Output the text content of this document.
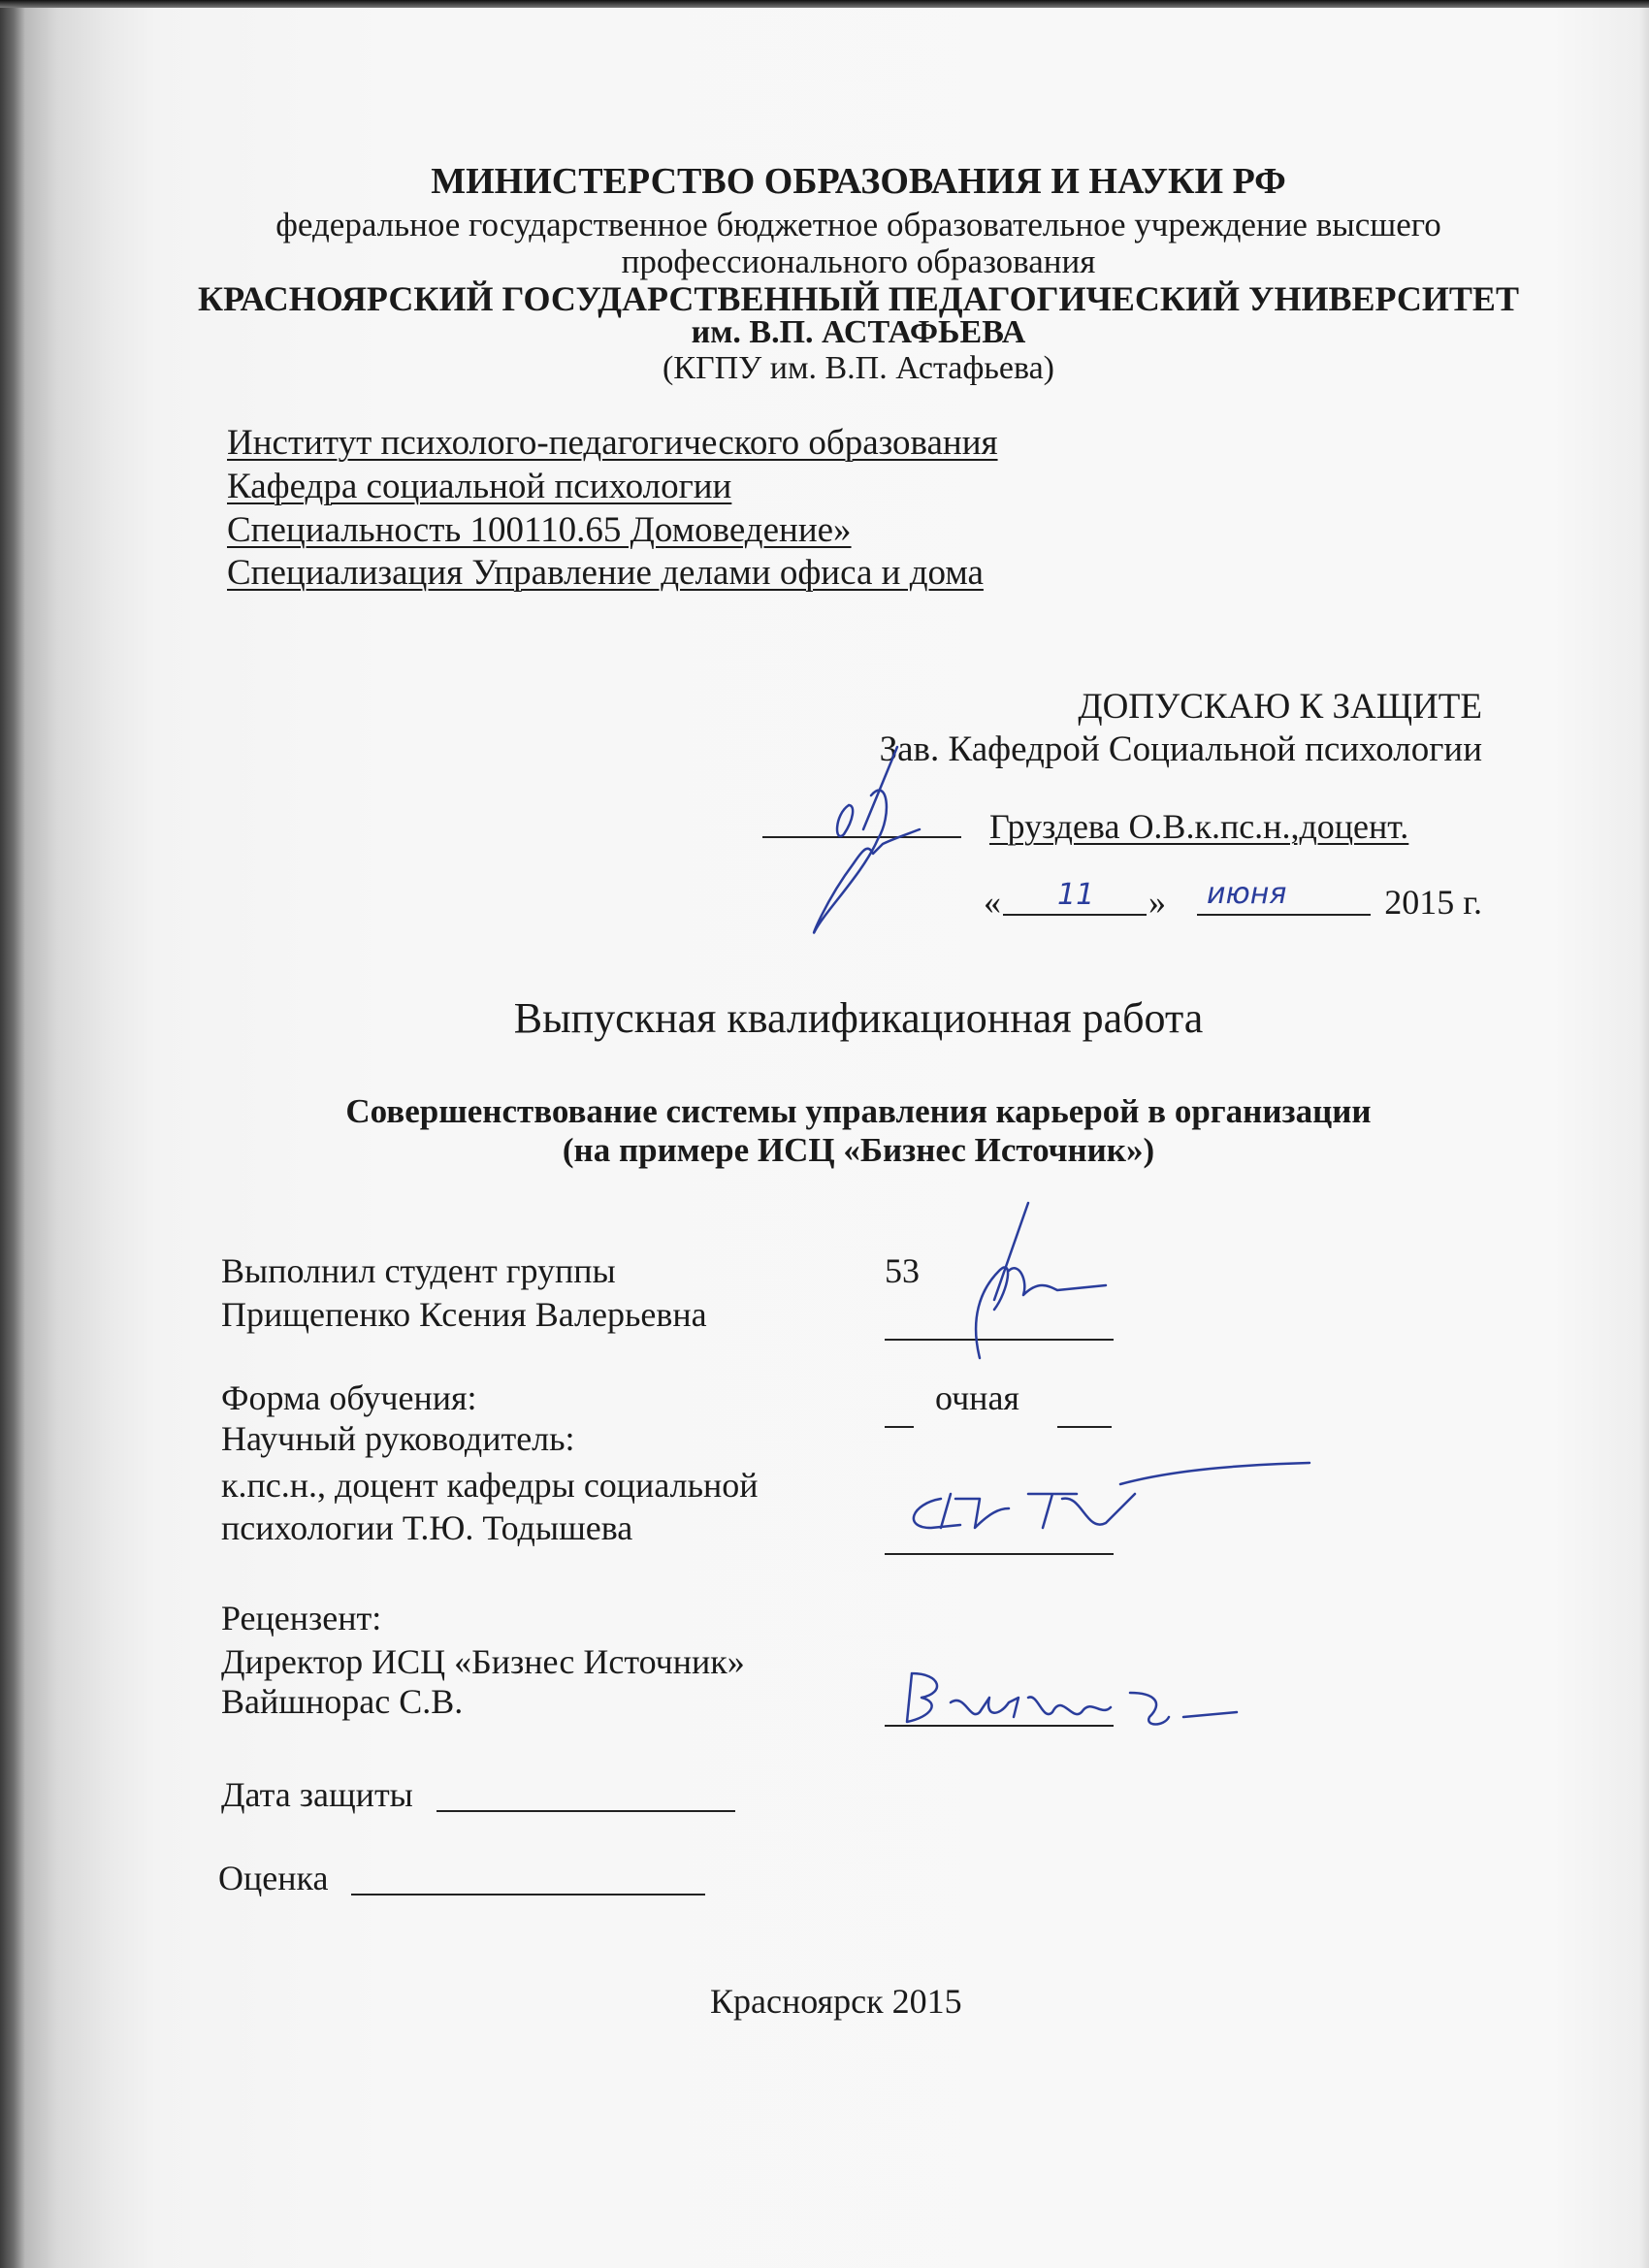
МИНИСТЕРСТВО ОБРАЗОВАНИЯ И НАУКИ РФ
федеральное государственное бюджетное образовательное учреждение высшего
профессионального образования
КРАСНОЯРСКИЙ ГОСУДАРСТВЕННЫЙ ПЕДАГОГИЧЕСКИЙ УНИВЕРСИТЕТ
им. В.П. АСТАФЬЕВА
(КГПУ им. В.П. Астафьева)
Институт психолого-педагогического образования
Кафедра социальной психологии
Специальность 100110.65 Домоведение»
Специализация Управление делами офиса и дома
ДОПУСКАЮ К ЗАЩИТЕ
Зав. Кафедрой Социальной психологии
Груздева О.В.к.пс.н.,доцент.
« 11 » июня	2015 г.
Выпускная квалификационная работа
Совершенствование системы управления карьерой в организации
(на примере ИСЦ «Бизнес Источник»)
Выполнил студент группы	53
Прищепенко Ксения Валерьевна
Форма обучения:	очная
Научный руководитель:
к.пс.н., доцент кафедры социальной
психологии Т.Ю. Тодышева
Рецензент:
Директор ИСЦ «Бизнес Источник»
Вайшнорас С.В.
Дата защиты
Оценка
Красноярск 2015
